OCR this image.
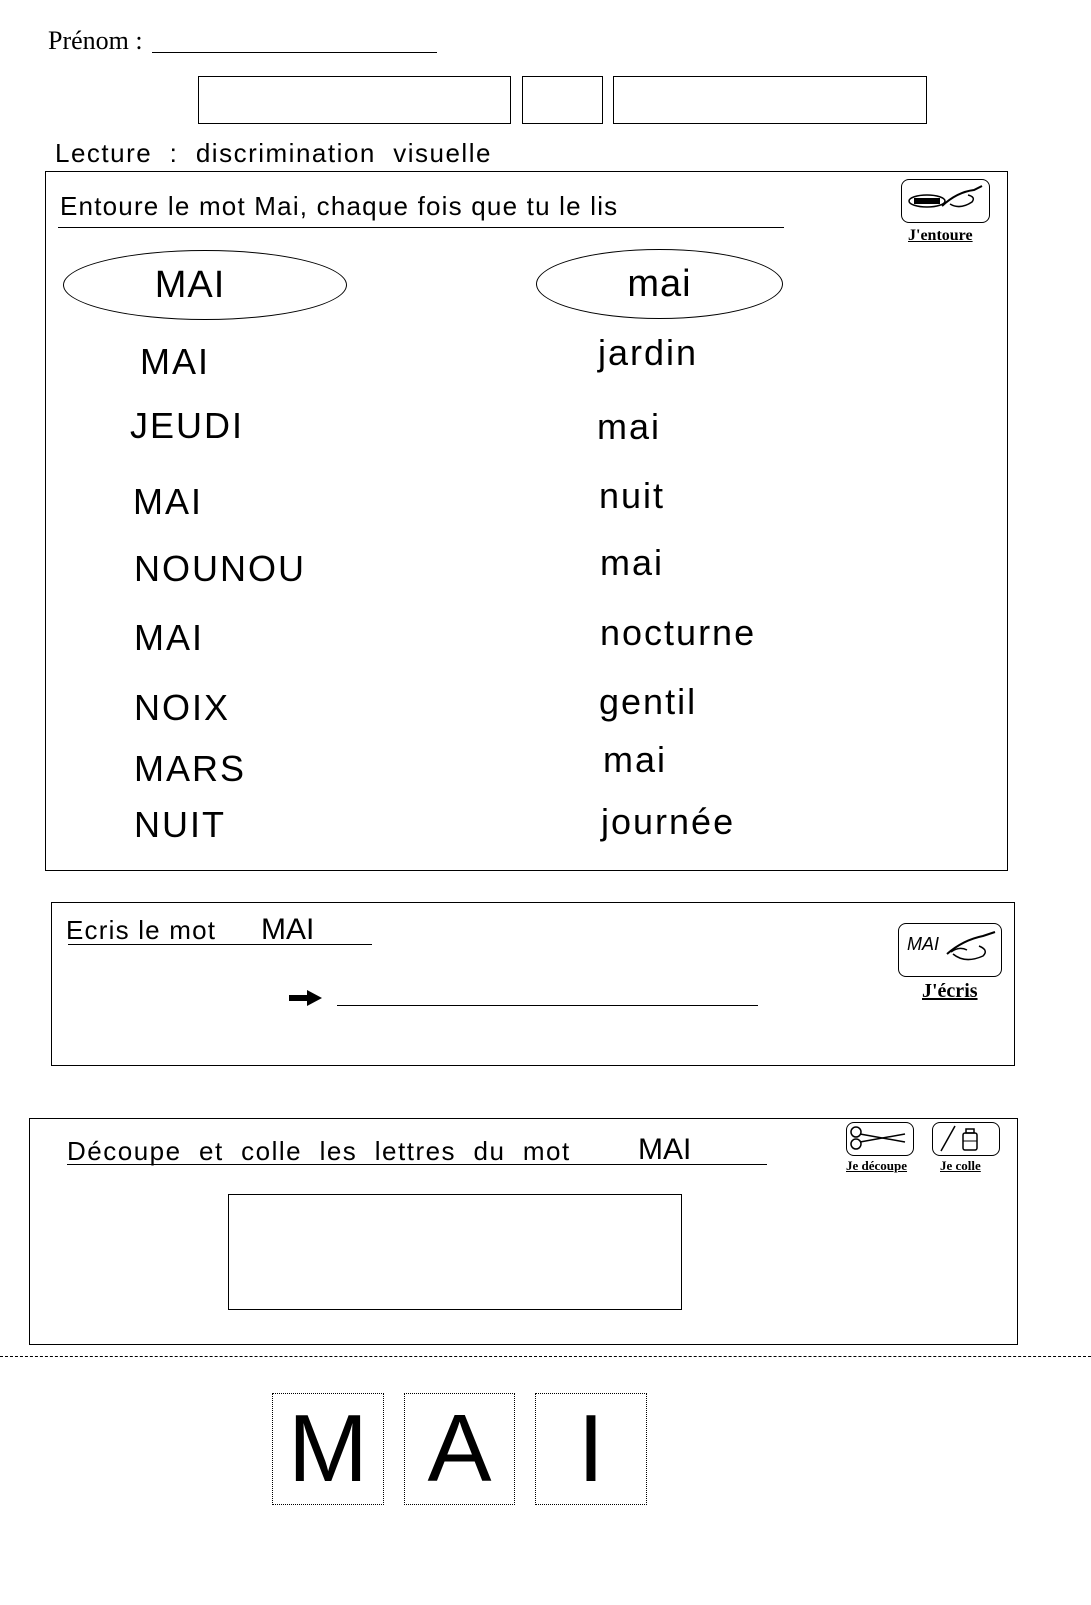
Prénom :
Lecture  :  discrimination  visuelle
Entoure le mot Mai, chaque fois que tu le lis
J'entoure
MAI	mai
MAI
JEUDI
MAI
NOUNOU
MAI
NOIX
MARS
NUIT
jardin
mai
nuit
mai
nocturne
gentil
mai
journée
Ecris le mot MAI	MAI
J'écris
Découpe  et  colle  les  lettres  du  mot MAI	Je découpe	Je colle
M A I
